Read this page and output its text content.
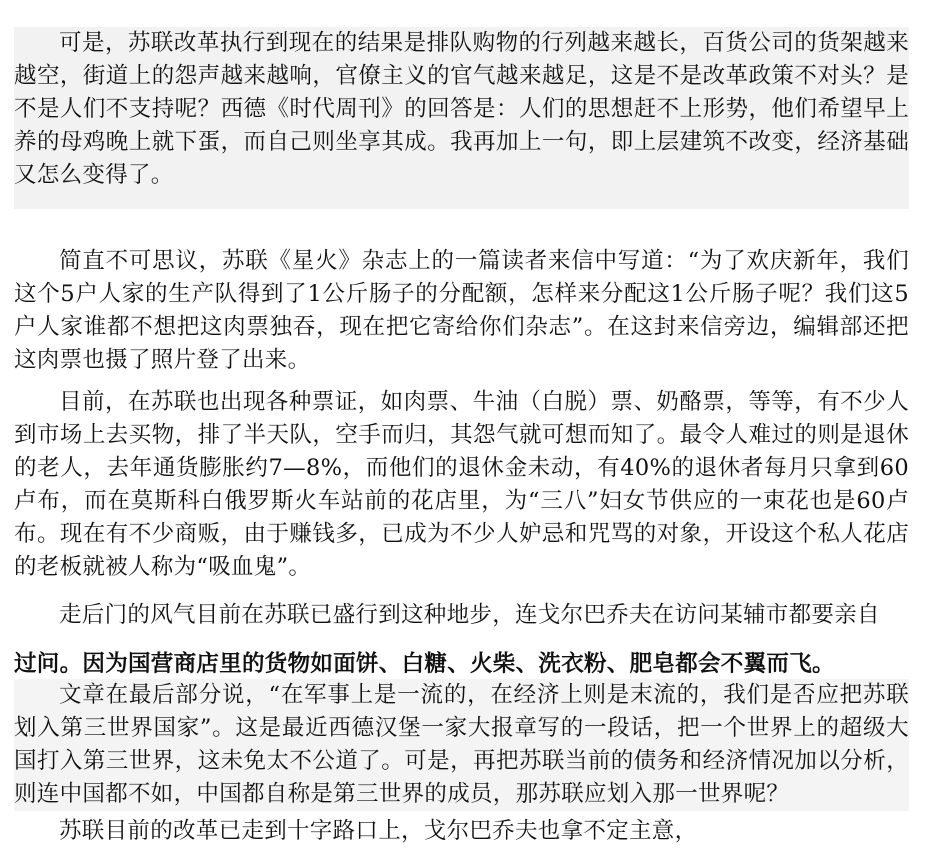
可是，苏联改革执行到现在的结果是排队购物的行列越来越长，百货公司的货架越来越空，街道上的怨声越来越响，官僚主义的官气越来越足，这是不是改革政策不对头？是不是人们不支持呢？西德《时代周刊》的回答是：人们的思想赶不上形势，他们希望早上养的母鸡晚上就下蛋，而自己则坐享其成。我再加上一句，即上层建筑不改变，经济基础又怎么变得了。

简直不可思议，苏联《星火》杂志上的一篇读者来信中写道：“为了欢庆新年，我们这个5户人家的生产队得到了1公斤肠子的分配额，怎样来分配这1公斤肠子呢？我们这5户人家谁都不想把这肉票独吞，现在把它寄给你们杂志”。在这封来信旁边，编辑部还把这肉票也摄了照片登了出来。

目前，在苏联也出现各种票证，如肉票、牛油（白脱）票、奶酪票，等等，有不少人到市场上去买物，排了半天队，空手而归，其怨气就可想而知了。最令人难过的则是退休的老人，去年通货膨胀约7—8%，而他们的退休金未动，有40%的退休者每月只拿到60卢布，而在莫斯科白俄罗斯火车站前的花店里，为“三八”妇女节供应的一束花也是60卢布。现在有不少商贩，由于赚钱多，已成为不少人妒忌和咒骂的对象，开设这个私人花店的老板就被人称为“吸血鬼”。

走后门的风气目前在苏联已盛行到这种地步，连戈尔巴乔夫在访问某辅市都要亲自

过问。因为国营商店里的货物如面饼、白糖、火柴、洗衣粉、肥皂都会不翼而飞。

文章在最后部分说，“在军事上是一流的，在经济上则是末流的，我们是否应把苏联划入第三世界国家”。这是最近西德汉堡一家大报章写的一段话，把一个世界上的超级大国打入第三世界，这未免太不公道了。可是，再把苏联当前的债务和经济情况加以分析，则连中国都不如，中国都自称是第三世界的成员，那苏联应划入那一世界呢？

苏联目前的改革已走到十字路口上，戈尔巴乔夫也拿不定主意，
